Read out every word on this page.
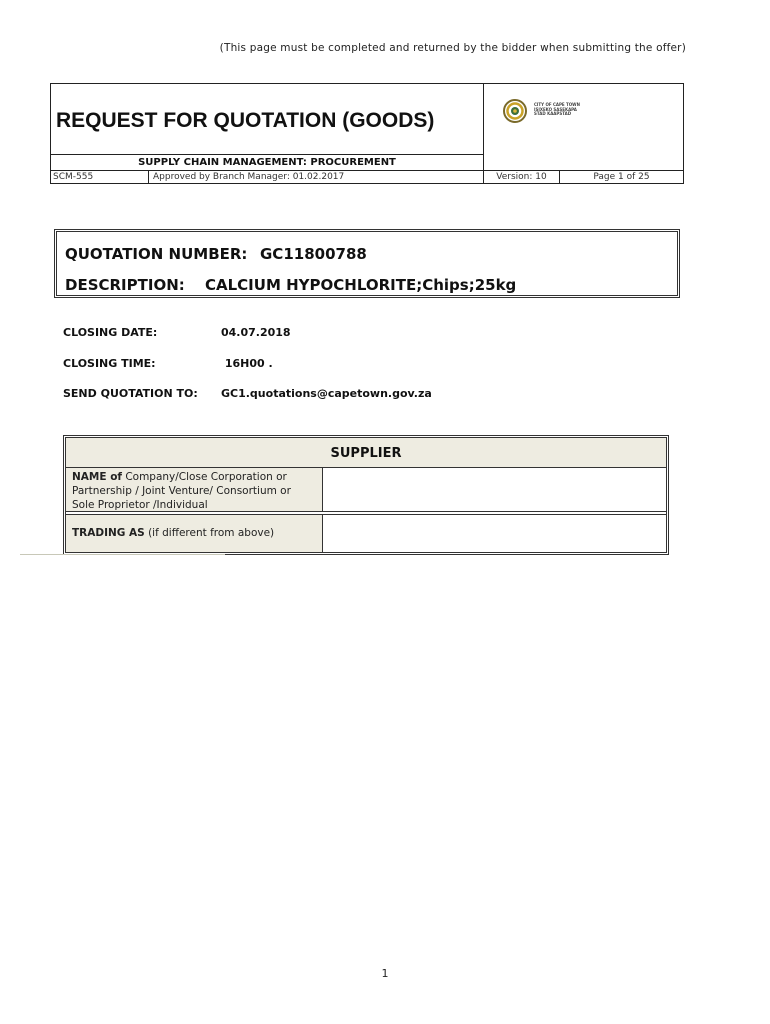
(This page must be completed and returned by the bidder when submitting the offer)
REQUEST FOR QUOTATION (GOODS)
CITY OF CAPE TOWN
ISIXEKO SASEKAPA
STAD KAAPSTAD
SUPPLY CHAIN MANAGEMENT: PROCUREMENT
SCM-555	Approved by Branch Manager: 01.02.2017	Version: 10	Page 1 of 25
QUOTATION NUMBER: GC11800788
DESCRIPTION: CALCIUM HYPOCHLORITE;Chips;25kg
CLOSING DATE:	04.07.2018
CLOSING TIME:	16H00 .
SEND QUOTATION TO: GC1.quotations@capetown.gov.za
SUPPLIER
NAME of Company/Close Corporation or Partnership / Joint Venture/ Consortium or Sole Proprietor /Individual
TRADING AS (if different from above)
1
